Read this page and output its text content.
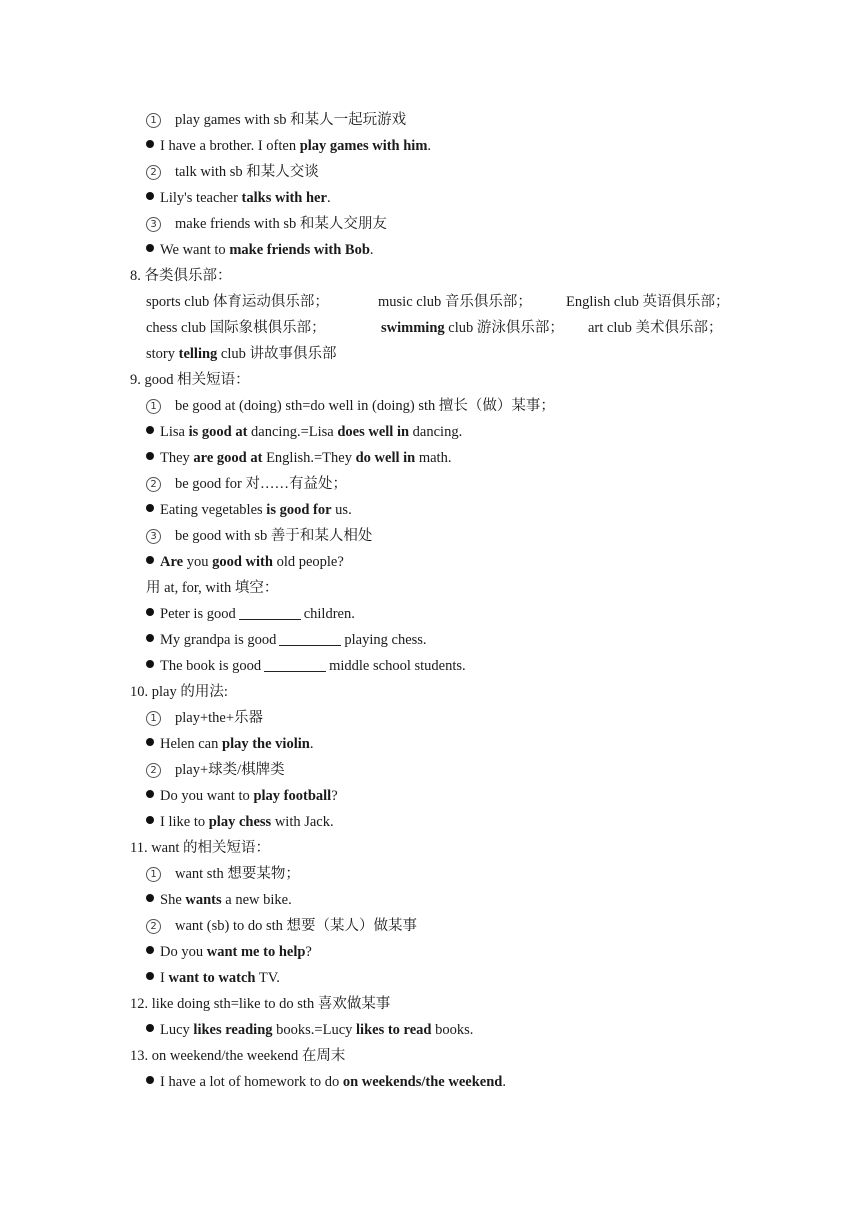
1 play games with sb 和某人一起玩游戏
I have a brother. I often play games with him.
2 talk with sb 和某人交谈
Lily's teacher talks with her.
3 make friends with sb 和某人交朋友
We want to make friends with Bob.
8. 各类俱乐部：
sports club 体育运动俱乐部；	music club 音乐俱乐部； English club 英语俱乐部；
chess club 国际象棋俱乐部；	swimming club 游泳俱乐部； art club 美术俱乐部；
story telling club 讲故事俱乐部
9. good 相关短语：
1 be good at (doing) sth=do well in (doing) sth 擅长（做）某事；
Lisa is good at dancing.=Lisa does well in dancing.
They are good at English.=They do well in math.
2 be good for 对……有益处；
Eating vegetables is good for us.
3 be good with sb 善于和某人相处
Are you good with old people?
用 at, for, with 填空：
Peter is good	children.
My grandpa is good	playing chess.
The book is good	middle school students.
10. play 的用法:
1 play+the+乐器
Helen can play the violin.
2 play+球类/棋牌类
Do you want to play football?
I like to play chess with Jack.
11. want 的相关短语：
1 want sth 想要某物；
She wants a new bike.
2 want (sb) to do sth 想要（某人）做某事
Do you want me to help?
I want to watch TV.
12. like doing sth=like to do sth 喜欢做某事
Lucy likes reading books.=Lucy likes to read books.
13. on weekend/the weekend 在周末
I have a lot of homework to do on weekends/the weekend.
